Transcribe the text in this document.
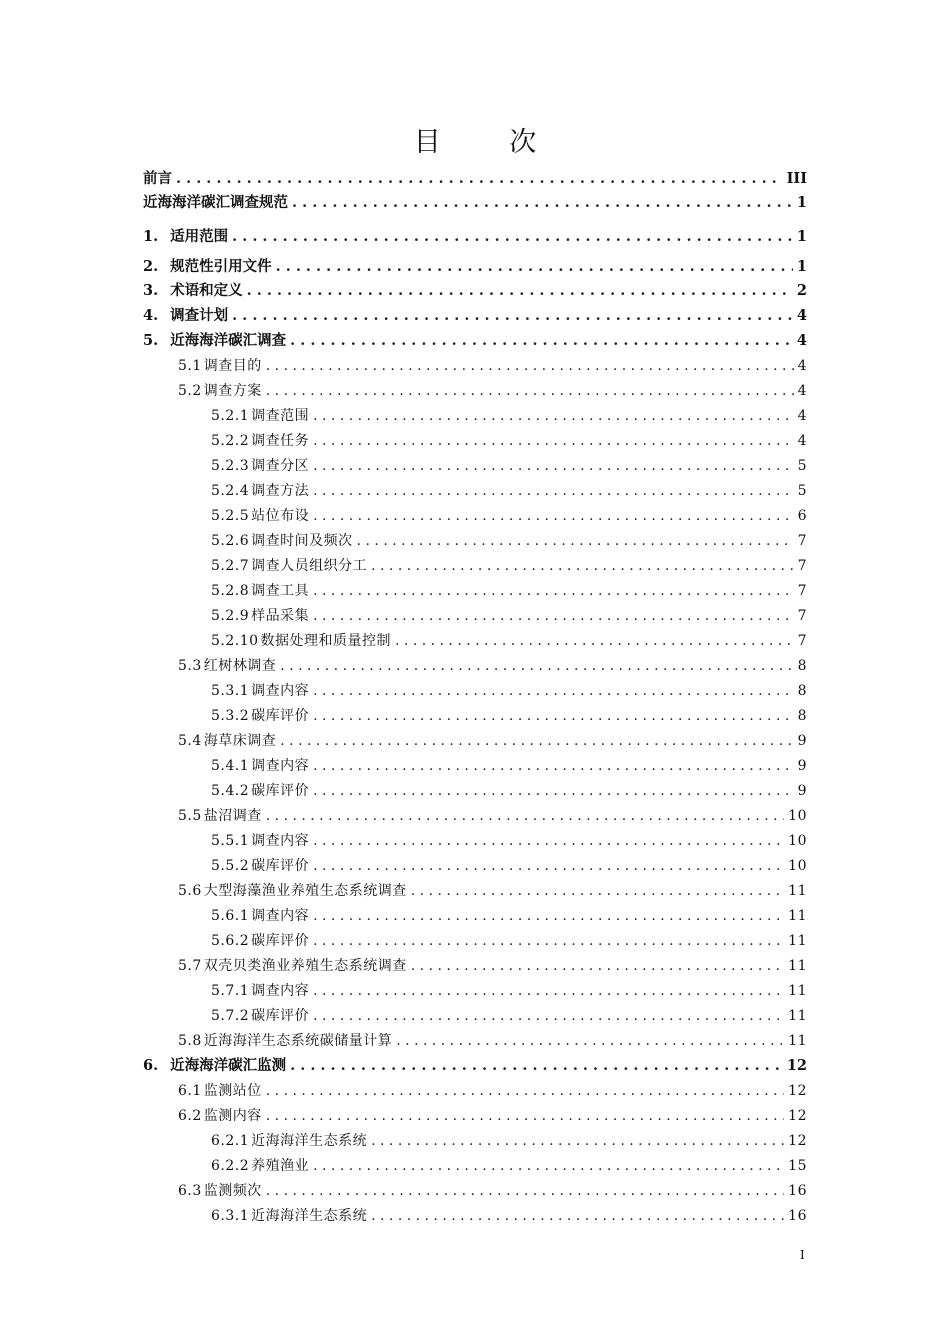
目 次
前言 . . .	III
近海海洋碳汇调查规范 . . .	1
1. 适用范围 . . .	1
2. 规范性引用文件 . . .	1
3. 术语和定义 . . .	2
4. 调查计划 . . .	4
5. 近海海洋碳汇调查 . . .	4
5.1 调查目的 . . .	4
5.2 调查方案 . . .	4
5.2.1 调查范围 . . .	4
5.2.2 调查任务 . . .	4
5.2.3 调查分区 . . .	5
5.2.4 调查方法 . . .	5
5.2.5 站位布设 . . .	6
5.2.6 调查时间及频次 . . .	7
5.2.7 调查人员组织分工 . . .	7
5.2.8 调查工具 . . .	7
5.2.9 样品采集 . . .	7
5.2.10 数据处理和质量控制 . . .	7
5.3 红树林调查 . . .	8
5.3.1 调查内容 . . .	8
5.3.2 碳库评价 . . .	8
5.4 海草床调查 . . .	9
5.4.1 调查内容 . . .	9
5.4.2 碳库评价 . . .	9
5.5 盐沼调查 . . .	10
5.5.1 调查内容 . . .	10
5.5.2 碳库评价 . . .	10
5.6 大型海藻渔业养殖生态系统调查 . . .	11
5.6.1 调查内容 . . .	11
5.6.2 碳库评价 . . .	11
5.7 双壳贝类渔业养殖生态系统调查 . . .	11
5.7.1 调查内容 . . .	11
5.7.2 碳库评价 . . .	11
5.8 近海海洋生态系统碳储量计算 . . .	11
6. 近海海洋碳汇监测 . . .	12
6.1 监测站位 . . .	12
6.2 监测内容 . . .	12
6.2.1 近海海洋生态系统 . . .	12
6.2.2 养殖渔业 . . .	15
6.3 监测频次 . . .	16
6.3.1 近海海洋生态系统 . . .	16
I
